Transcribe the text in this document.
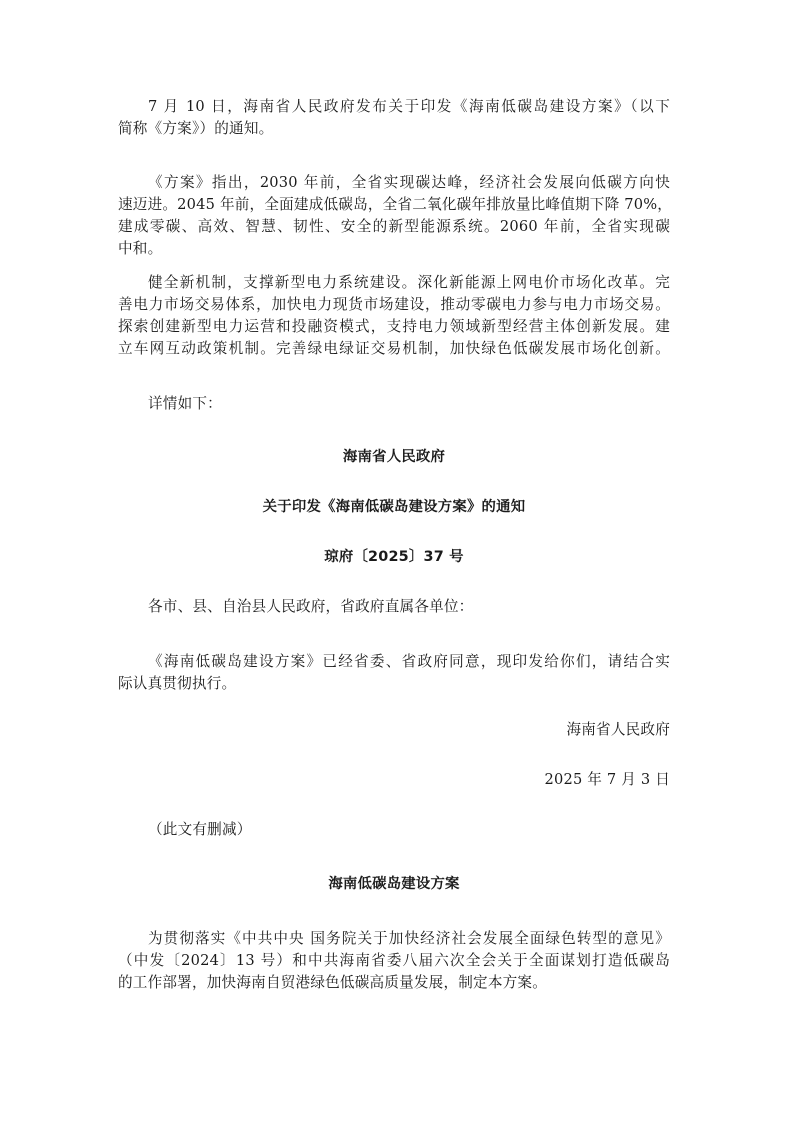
7 月 10 日，海南省人民政府发布关于印发《海南低碳岛建设方案》（以下
简称《方案》）的通知。
《方案》指出，2030 年前，全省实现碳达峰，经济社会发展向低碳方向快
速迈进。2045 年前，全面建成低碳岛，全省二氧化碳年排放量比峰值期下降 70%，
建成零碳、高效、智慧、韧性、安全的新型能源系统。2060 年前，全省实现碳
中和。
健全新机制，支撑新型电力系统建设。深化新能源上网电价市场化改革。完
善电力市场交易体系，加快电力现货市场建设，推动零碳电力参与电力市场交易。
探索创建新型电力运营和投融资模式，支持电力领域新型经营主体创新发展。建
立车网互动政策机制。完善绿电绿证交易机制，加快绿色低碳发展市场化创新。
详情如下：
海南省人民政府
关于印发《海南低碳岛建设方案》的通知
琼府〔2025〕37 号
各市、县、自治县人民政府，省政府直属各单位：
《海南低碳岛建设方案》已经省委、省政府同意，现印发给你们，请结合实
际认真贯彻执行。
海南省人民政府
2025 年 7 月 3 日
（此文有删减）
海南低碳岛建设方案
为贯彻落实《中共中央 国务院关于加快经济社会发展全面绿色转型的意见》
（中发〔2024〕13 号）和中共海南省委八届六次全会关于全面谋划打造低碳岛
的工作部署，加快海南自贸港绿色低碳高质量发展，制定本方案。
